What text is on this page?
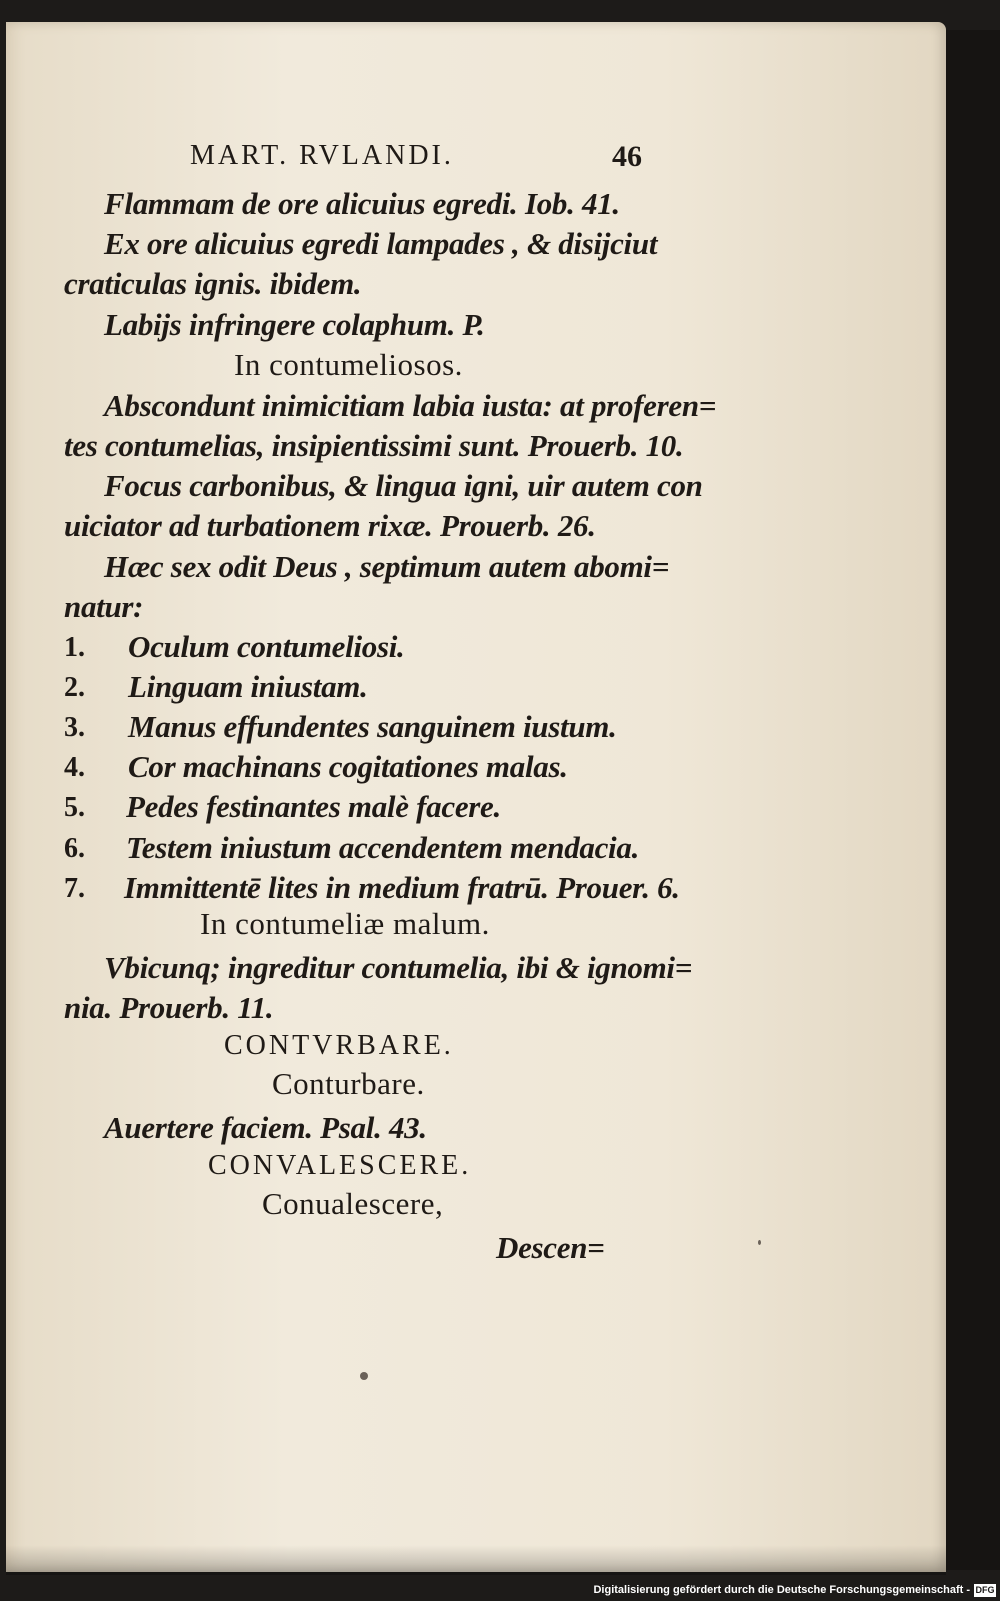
MART. RVLANDI.	46
Flammam de ore alicuius egredi. Iob. 41.
Ex ore alicuius egredi lampades , & disijciut
craticulas ignis. ibidem.
Labijs infringere colaphum. P.
In contumeliosos.
Abscondunt inimicitiam labia iusta: at proferen=
tes contumelias, insipientissimi sunt. Prouerb. 10.
Focus carbonibus, & lingua igni, uir autem con
uiciator ad turbationem rixæ. Prouerb. 26.
Hæc sex odit Deus , septimum autem abomi=
natur:
1. Oculum contumeliosi.
2. Linguam iniustam.
3. Manus effundentes sanguinem iustum.
4. Cor machinans cogitationes malas.
5. Pedes festinantes malè facere.
6. Testem iniustum accendentem mendacia.
7. Immittentē lites in medium fratrū. Prouer. 6.
In contumeliæ malum.
Vbicunq; ingreditur contumelia, ibi & ignomi=
nia. Prouerb. 11.
CONTVRBARE.
Conturbare.
Auertere faciem. Psal. 43.
CONVALESCERE.
Conualescere,
Descen=
Digitalisierung gefördert durch die Deutsche Forschungsgemeinschaft - DFG
